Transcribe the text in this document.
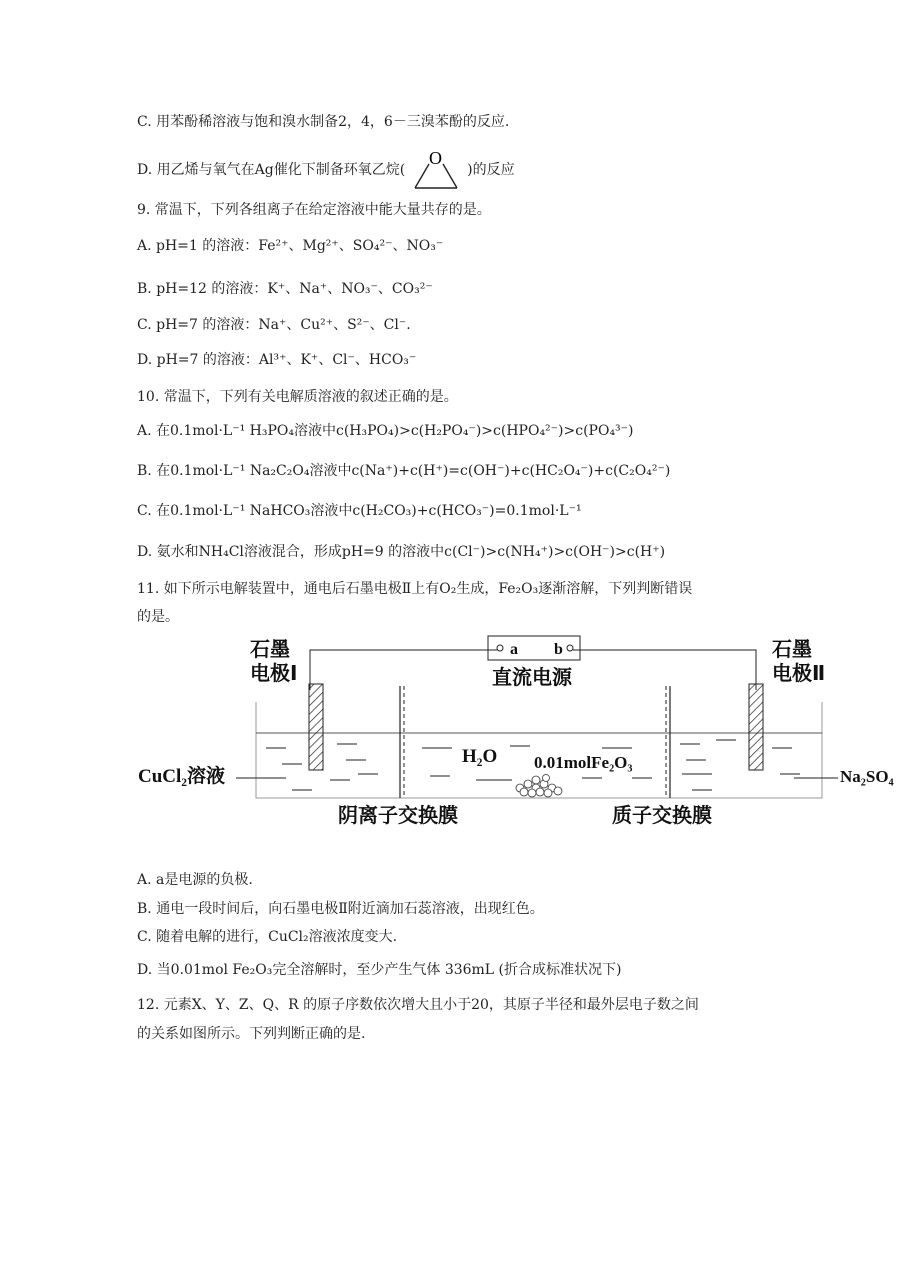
C. 用苯酚稀溶液与饱和溴水制备2，4，6－三溴苯酚的反应.
D. 用乙烯与氧气在Ag催化下制备环氧乙烷(
O
)的反应
9. 常温下，下列各组离子在给定溶液中能大量共存的是。
A. pH=1 的溶液：Fe²⁺、Mg²⁺、SO₄²⁻、NO₃⁻
B. pH=12 的溶液：K⁺、Na⁺、NO₃⁻、CO₃²⁻
C. pH=7 的溶液：Na⁺、Cu²⁺、S²⁻、Cl⁻.
D. pH=7 的溶液：Al³⁺、K⁺、Cl⁻、HCO₃⁻
10. 常温下，下列有关电解质溶液的叙述正确的是。
A. 在0.1mol·L⁻¹ H₃PO₄溶液中c(H₃PO₄)>c(H₂PO₄⁻)>c(HPO₄²⁻)>c(PO₄³⁻)
B. 在0.1mol·L⁻¹ Na₂C₂O₄溶液中c(Na⁺)+c(H⁺)=c(OH⁻)+c(HC₂O₄⁻)+c(C₂O₄²⁻)
C. 在0.1mol·L⁻¹ NaHCO₃溶液中c(H₂CO₃)+c(HCO₃⁻)=0.1mol·L⁻¹
D. 氨水和NH₄Cl溶液混合，形成pH=9 的溶液中c(Cl⁻)>c(NH₄⁺)>c(OH⁻)>c(H⁺)
11. 如下所示电解装置中，通电后石墨电极Ⅱ上有O₂生成，Fe₂O₃逐渐溶解，下列判断错误
的是。
石墨
电极Ⅰ
石墨
电极Ⅱ
a b
直流电源
H₂O 0.01molFe₂O₃
CuCl₂溶液	Na₂SO₄
阴离子交换膜	质子交换膜
A. a是电源的负极.
B. 通电一段时间后，向石墨电极Ⅱ附近滴加石蕊溶液，出现红色。
C. 随着电解的进行，CuCl₂溶液浓度变大.
D. 当0.01mol Fe₂O₃完全溶解时，至少产生气体 336mL (折合成标准状况下)
12. 元素X、Y、Z、Q、R 的原子序数依次增大且小于20，其原子半径和最外层电子数之间
的关系如图所示。下列判断正确的是.
